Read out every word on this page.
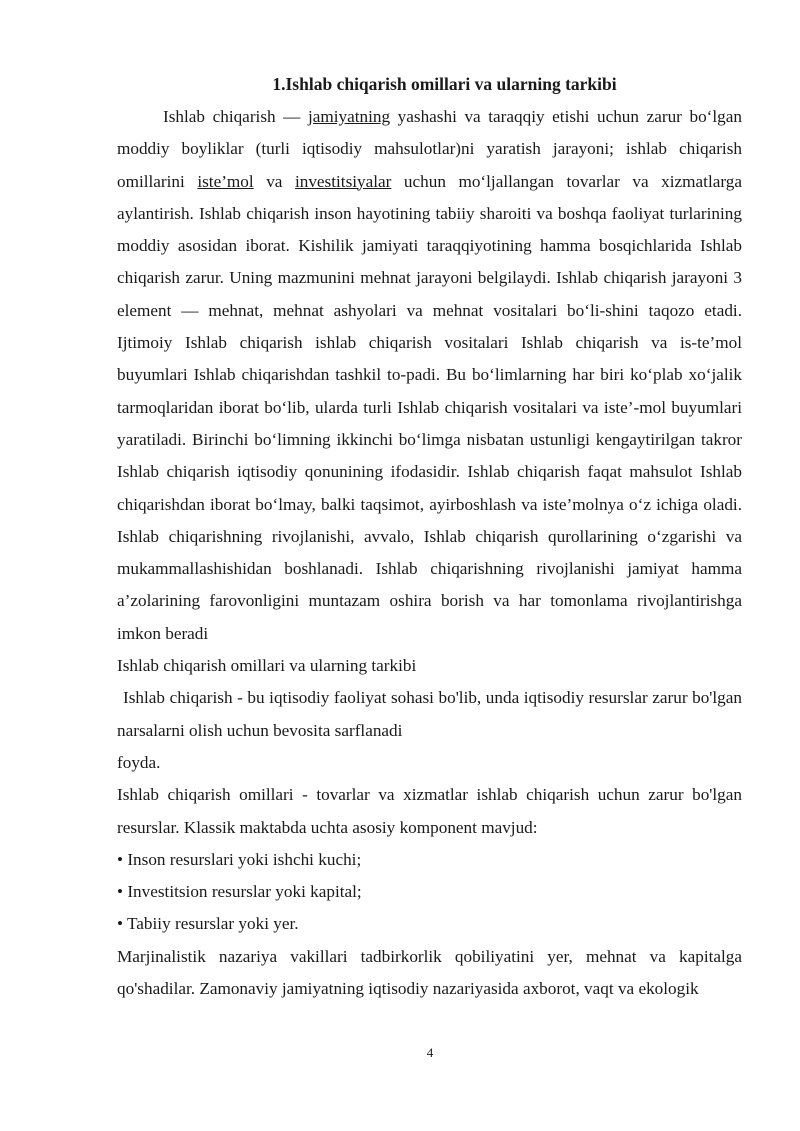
1.Ishlab chiqarish omillari va ularning tarkibi

Ishlab chiqarish — jamiyatning yashashi va taraqqiy etishi uchun zarur bo‘lgan moddiy boyliklar (turli iqtisodiy mahsulotlar)ni yaratish jarayoni; ishlab chiqarish omillarini iste’mol va investitsiyalar uchun mo‘ljallangan tovarlar va xizmatlarga aylantirish. Ishlab chiqarish inson hayotining tabiiy sharoiti va boshqa faoliyat turlarining moddiy asosidan iborat. Kishilik jamiyati taraqqiyotining hamma bosqichlarida Ishlab chiqarish zarur. Uning mazmunini mehnat jarayoni belgilaydi. Ishlab chiqarish jarayoni 3 element — mehnat, mehnat ashyolari va mehnat vositalari bo‘li-shini taqozo etadi. Ijtimoiy Ishlab chiqarish ishlab chiqarish vositalari Ishlab chiqarish va is-te’mol buyumlari Ishlab chiqarishdan tashkil to-padi. Bu bo‘limlarning har biri ko‘plab xo‘jalik tarmoqlaridan iborat bo‘lib, ularda turli Ishlab chiqarish vositalari va iste’-mol buyumlari yaratiladi. Birinchi bo‘limning ikkinchi bo‘limga nisbatan ustunligi kengaytirilgan takror Ishlab chiqarish iqtisodiy qonunining ifodasidir. Ishlab chiqarish faqat mahsulot Ishlab chiqarishdan iborat bo‘lmay, balki taqsimot, ayirboshlash va iste’molnya o‘z ichiga oladi. Ishlab chiqarishning rivojlanishi, avvalo, Ishlab chiqarish qurollarining o‘zgarishi va mukammallashishidan boshlanadi. Ishlab chiqarishning rivojlanishi jamiyat hamma a’zolarining farovonligini muntazam oshira borish va har tomonlama rivojlantirishga imkon beradi

Ishlab chiqarish omillari va ularning tarkibi

Ishlab chiqarish - bu iqtisodiy faoliyat sohasi bo'lib, unda iqtisodiy resurslar zarur bo'lgan narsalarni olish uchun bevosita sarflanadi

foyda.

Ishlab chiqarish omillari - tovarlar va xizmatlar ishlab chiqarish uchun zarur bo'lgan resurslar. Klassik maktabda uchta asosiy komponent mavjud:

• Inson resurslari yoki ishchi kuchi;

• Investitsion resurslar yoki kapital;

• Tabiiy resurslar yoki yer.

Marjinalistik nazariya vakillari tadbirkorlik qobiliyatini yer, mehnat va kapitalga qo'shadilar. Zamonaviy jamiyatning iqtisodiy nazariyasida axborot, vaqt va ekologik

4
